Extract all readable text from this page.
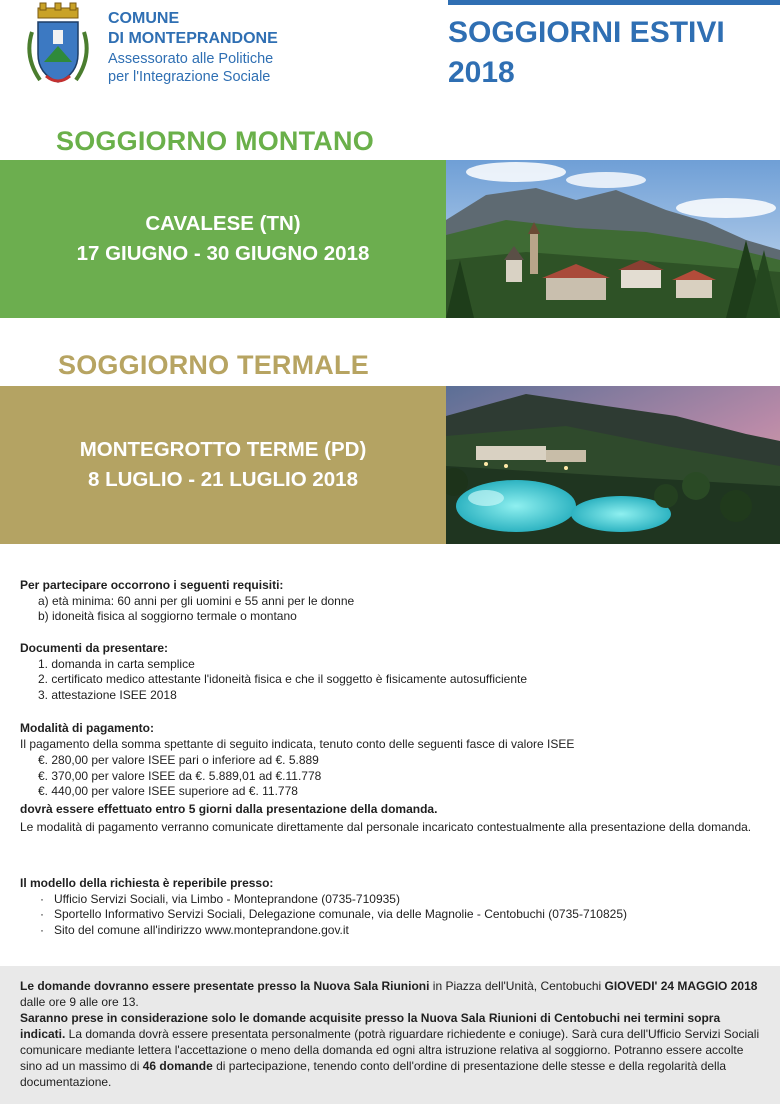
COMUNE
DI MONTEPRANDONE
Assessorato alle Politiche
per l'Integrazione Sociale
SOGGIORNI ESTIVI
2018
SOGGIORNO MONTANO
CAVALESE (TN)
17 GIUGNO - 30 GIUGNO 2018
SOGGIORNO TERMALE
MONTEGROTTO TERME (PD)
8 LUGLIO - 21 LUGLIO 2018
Per partecipare occorrono i seguenti requisiti:
a) età minima: 60 anni per gli uomini e 55 anni per le donne
b) idoneità fisica al soggiorno termale o montano
Documenti da presentare:
1. domanda in carta semplice
2. certificato medico attestante l'idoneità fisica e che il soggetto è fisicamente autosufficiente
3. attestazione ISEE 2018
Modalità di pagamento:
Il pagamento della somma spettante di seguito indicata, tenuto conto delle seguenti fasce di valore ISEE
€. 280,00 per valore ISEE pari o inferiore ad €. 5.889
€. 370,00 per valore ISEE da €. 5.889,01 ad €.11.778
€. 440,00 per valore ISEE superiore ad €. 11.778
dovrà essere effettuato entro 5 giorni dalla presentazione della domanda.
Le modalità di pagamento verranno comunicate direttamente dal personale incaricato contestualmente alla presentazione della domanda.
Il modello della richiesta è reperibile presso:
· Ufficio Servizi Sociali, via Limbo - Monteprandone (0735-710935)
· Sportello Informativo Servizi Sociali, Delegazione comunale, via delle Magnolie - Centobuchi (0735-710825)
· Sito del comune all'indirizzo www.monteprandone.gov.it
Le domande dovranno essere presentate presso la Nuova Sala Riunioni in Piazza dell'Unità, Centobuchi GIOVEDI' 24 MAGGIO 2018 dalle ore 9 alle ore 13.
Saranno prese in considerazione solo le domande acquisite presso la Nuova Sala Riunioni di Centobuchi nei termini sopra indicati. La domanda dovrà essere presentata personalmente (potrà riguardare richiedente e coniuge). Sarà cura dell'Ufficio Servizi Sociali comunicare mediante lettera l'accettazione o meno della domanda ed ogni altra istruzione relativa al soggiorno. Potranno essere accolte sino ad un massimo di 46 domande di partecipazione, tenendo conto dell'ordine di presentazione delle stesse e della regolarità della documentazione.
